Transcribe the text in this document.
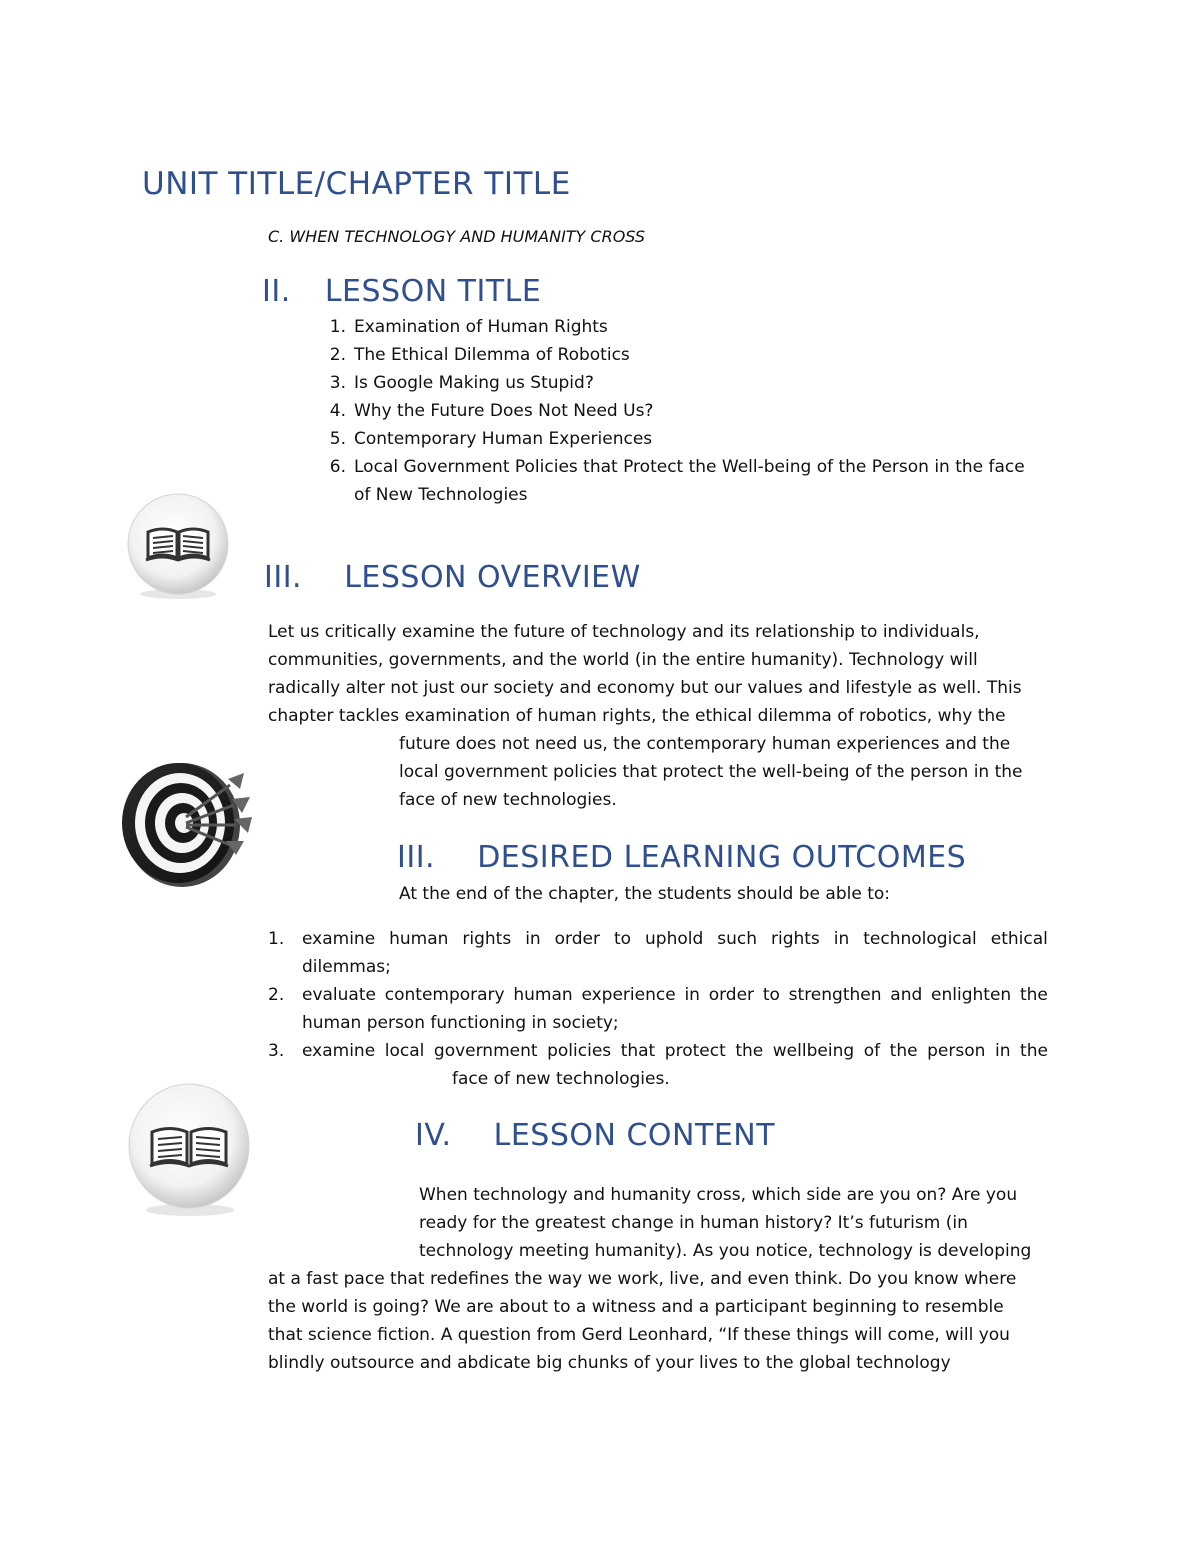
UNIT TITLE/CHAPTER TITLE
C. WHEN TECHNOLOGY AND HUMANITY CROSS
II. LESSON TITLE
1. Examination of Human Rights
2. The Ethical Dilemma of Robotics
3. Is Google Making us Stupid?
4. Why the Future Does Not Need Us?
5. Contemporary Human Experiences
6. Local Government Policies that Protect the Well-being of the Person in the face
of New Technologies
III. LESSON OVERVIEW
Let us critically examine the future of technology and its relationship to individuals,
communities, governments, and the world (in the entire humanity). Technology will
radically alter not just our society and economy but our values and lifestyle as well. This
chapter tackles examination of human rights, the ethical dilemma of robotics, why the
future does not need us, the contemporary human experiences and the
local government policies that protect the well-being of the person in the
face of new technologies.
III. DESIRED LEARNING OUTCOMES
At the end of the chapter, the students should be able to:
1. examine human rights in order to uphold such rights in technological ethical
dilemmas;
2. evaluate contemporary human experience in order to strengthen and enlighten the
human person functioning in society;
3. examine local government policies that protect the wellbeing of the person in the
face of new technologies.
IV. LESSON CONTENT
When technology and humanity cross, which side are you on? Are you
ready for the greatest change in human history? It’s futurism (in
technology meeting humanity). As you notice, technology is developing
at a fast pace that redefines the way we work, live, and even think. Do you know where
the world is going? We are about to a witness and a participant beginning to resemble
that science fiction. A question from Gerd Leonhard, “If these things will come, will you
blindly outsource and abdicate big chunks of your lives to the global technology
